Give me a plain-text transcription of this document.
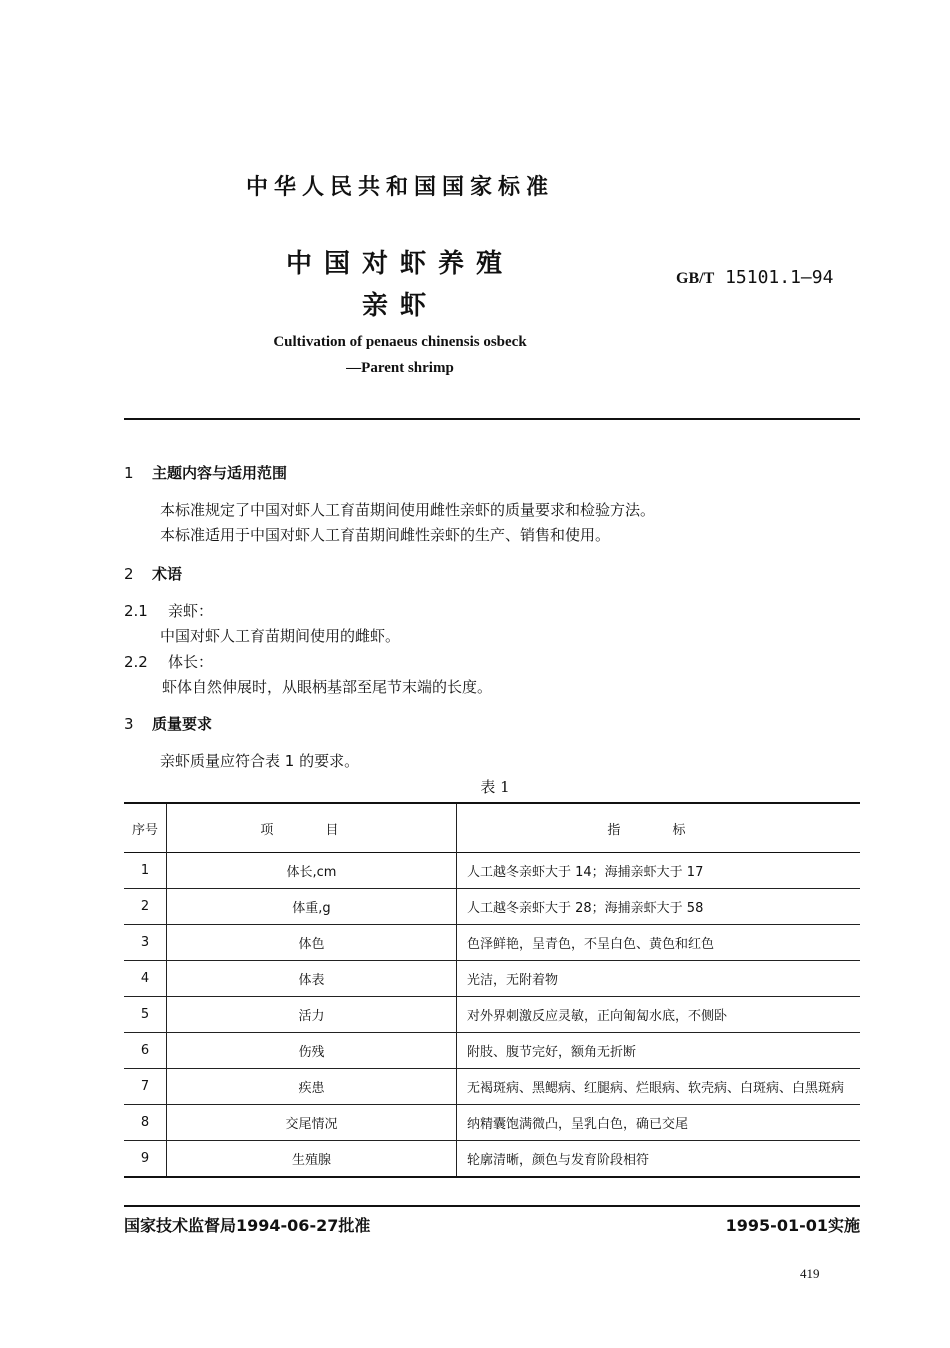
中华人民共和国国家标准
中国对虾养殖
亲虾
GB/T 15101.1—94
Cultivation of penaeus chinensis osbeck
—Parent shrimp
1 主题内容与适用范围
本标准规定了中国对虾人工育苗期间使用雌性亲虾的质量要求和检验方法。
本标准适用于中国对虾人工育苗期间雌性亲虾的生产、销售和使用。
2 术语
2.1 亲虾：
中国对虾人工育苗期间使用的雌虾。
2.2 体长：
虾体自然伸展时，从眼柄基部至尾节末端的长度。
3 质量要求
亲虾质量应符合表 1 的要求。
表 1
序号	项 目	指 标
1	体长,cm	人工越冬亲虾大于 14；海捕亲虾大于 17
2	体重,g	人工越冬亲虾大于 28；海捕亲虾大于 58
3	体色	色泽鲜艳，呈青色，不呈白色、黄色和红色
4	体表	光洁，无附着物
5	活力	对外界刺激反应灵敏，正向匍匐水底，不侧卧
6	伤残	附肢、腹节完好，额角无折断
7	疾患	无褐斑病、黑鳃病、红腿病、烂眼病、软壳病、白斑病、白黑斑病
8	交尾情况	纳精囊饱满微凸，呈乳白色，确已交尾
9	生殖腺	轮廓清晰，颜色与发育阶段相符
国家技术监督局1994-06-27批准	1995-01-01实施
419
